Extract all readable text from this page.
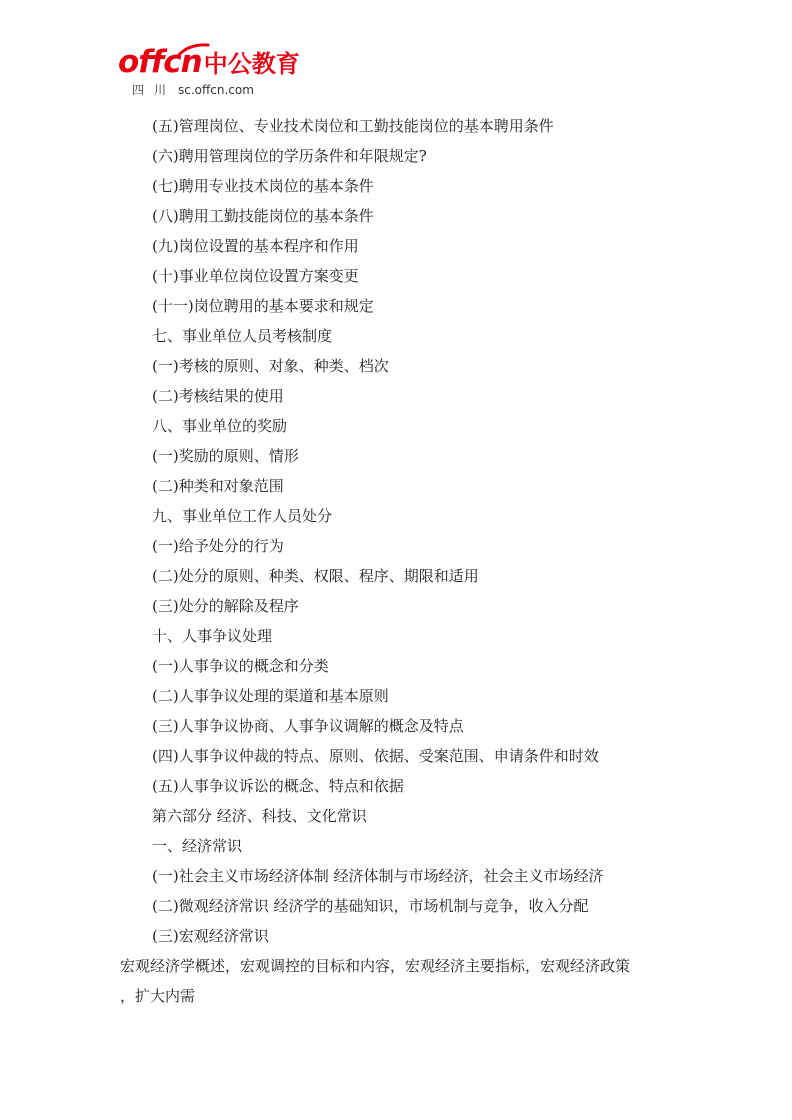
offcn中公教育
四川 sc.offcn.com
(五)管理岗位、专业技术岗位和工勤技能岗位的基本聘用条件
(六)聘用管理岗位的学历条件和年限规定?
(七)聘用专业技术岗位的基本条件
(八)聘用工勤技能岗位的基本条件
(九)岗位设置的基本程序和作用
(十)事业单位岗位设置方案变更
(十一)岗位聘用的基本要求和规定
七、事业单位人员考核制度
(一)考核的原则、对象、种类、档次
(二)考核结果的使用
八、事业单位的奖励
(一)奖励的原则、情形
(二)种类和对象范围
九、事业单位工作人员处分
(一)给予处分的行为
(二)处分的原则、种类、权限、程序、期限和适用
(三)处分的解除及程序
十、人事争议处理
(一)人事争议的概念和分类
(二)人事争议处理的渠道和基本原则
(三)人事争议协商、人事争议调解的概念及特点
(四)人事争议仲裁的特点、原则、依据、受案范围、申请条件和时效
(五)人事争议诉讼的概念、特点和依据
第六部分 经济、科技、文化常识
一、经济常识
(一)社会主义市场经济体制 经济体制与市场经济，社会主义市场经济
(二)微观经济常识 经济学的基础知识，市场机制与竞争，收入分配
(三)宏观经济常识
宏观经济学概述，宏观调控的目标和内容，宏观经济主要指标，宏观经济政策
，扩大内需
